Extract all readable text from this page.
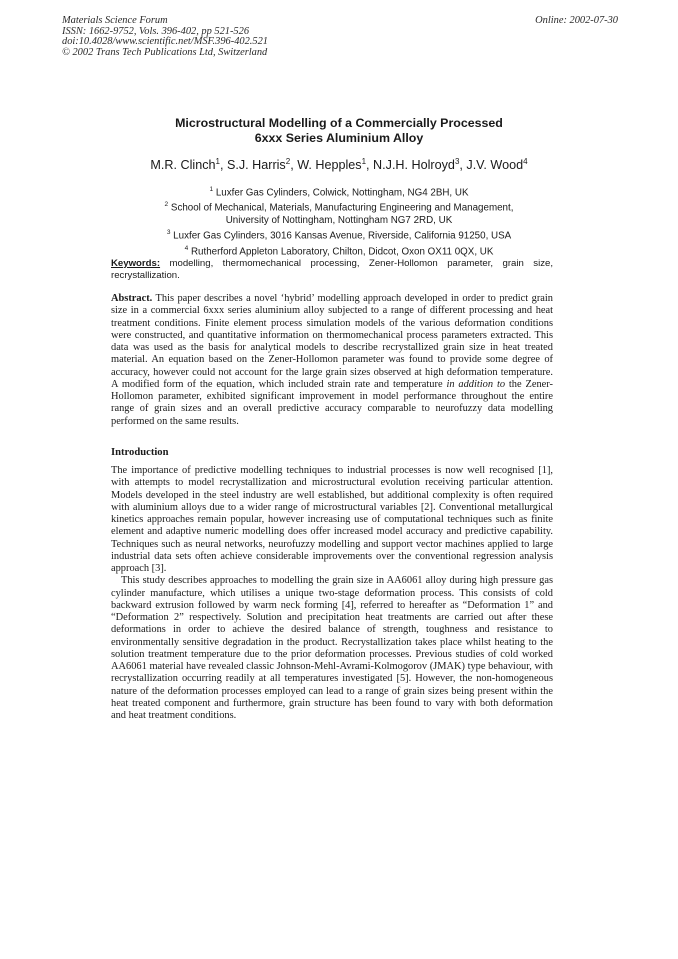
Materials Science Forum
ISSN: 1662-9752, Vols. 396-402, pp 521-526
doi:10.4028/www.scientific.net/MSF.396-402.521
© 2002 Trans Tech Publications Ltd, Switzerland
Online: 2002-07-30
Microstructural Modelling of a Commercially Processed
6xxx Series Aluminium Alloy
M.R. Clinch$^1$, S.J. Harris$^2$, W. Hepples$^1$, N.J.H. Holroyd$^3$, J.V. Wood$^4$
$^1$ Luxfer Gas Cylinders, Colwick, Nottingham, NG4 2BH, UK
$^2$ School of Mechanical, Materials, Manufacturing Engineering and Management,
University of Nottingham, Nottingham NG7 2RD, UK
$^3$ Luxfer Gas Cylinders, 3016 Kansas Avenue, Riverside, California 91250, USA
$^4$ Rutherford Appleton Laboratory, Chilton, Didcot, Oxon OX11 0QX, UK
Keywords: modelling, thermomechanical processing, Zener-Hollomon parameter, grain size, recrystallization.
Abstract. This paper describes a novel ‘hybrid’ modelling approach developed in order to predict grain size in a commercial 6xxx series aluminium alloy subjected to a range of different processing and heat treatment conditions. Finite element process simulation models of the various deformation conditions were constructed, and quantitative information on thermomechanical process parameters extracted. This data was used as the basis for analytical models to describe recrystallized grain size in heat treated material. An equation based on the Zener-Hollomon parameter was found to provide some degree of accuracy, however could not account for the large grain sizes observed at high deformation temperature. A modified form of the equation, which included strain rate and temperature in addition to the Zener-Hollomon parameter, exhibited significant improvement in model performance throughout the entire range of grain sizes and an overall predictive accuracy comparable to neurofuzzy data modelling performed on the same results.
Introduction

The importance of predictive modelling techniques to industrial processes is now well recognised [1], with attempts to model recrystallization and microstructural evolution receiving particular attention. Models developed in the steel industry are well established, but additional complexity is often required with aluminium alloys due to a wider range of microstructural variables [2]. Conventional metallurgical kinetics approaches remain popular, however increasing use of computational techniques such as finite element and adaptive numeric modelling does offer increased model accuracy and predictive capability. Techniques such as neural networks, neurofuzzy modelling and support vector machines applied to large industrial data sets often achieve considerable improvements over the conventional regression analysis approach [3].

This study describes approaches to modelling the grain size in AA6061 alloy during high pressure gas cylinder manufacture, which utilises a unique two-stage deformation process. This consists of cold backward extrusion followed by warm neck forming [4], referred to hereafter as “Deformation 1” and “Deformation 2” respectively. Solution and precipitation heat treatments are carried out after these deformations in order to achieve the desired balance of strength, toughness and resistance to environmentally sensitive degradation in the product. Recrystallization takes place whilst heating to the solution treatment temperature due to the prior deformation processes. Previous studies of cold worked AA6061 material have revealed classic Johnson-Mehl-Avrami-Kolmogorov (JMAK) type behaviour, with recrystallization occurring readily at all temperatures investigated [5]. However, the non-homogeneous nature of the deformation processes employed can lead to a range of grain sizes being present within the heat treated component and furthermore, grain structure has been found to vary with both deformation and heat treatment conditions.
